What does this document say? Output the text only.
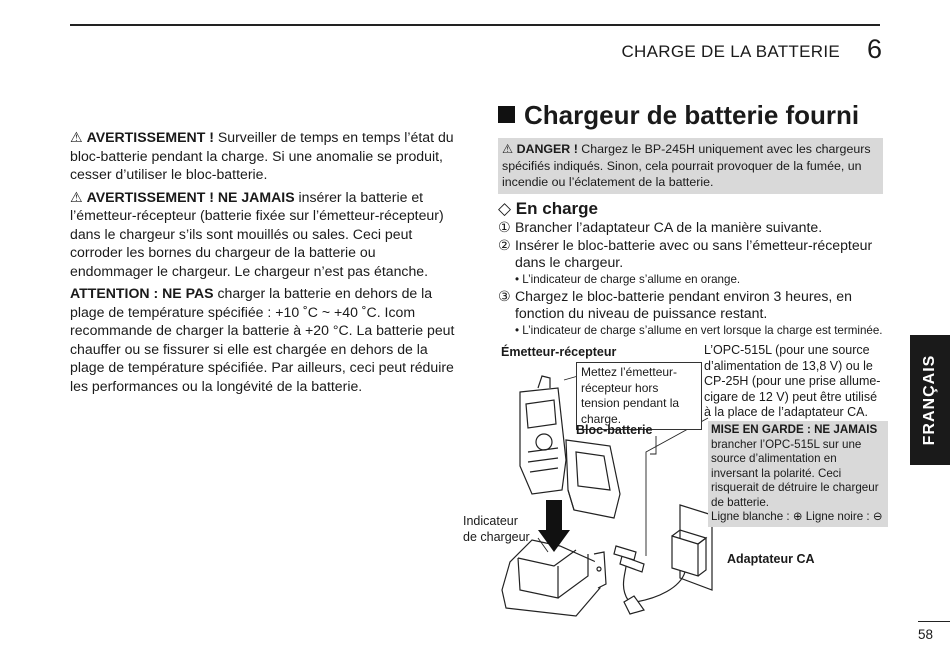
CHARGE DE LA BATTERIE 6

⚠ AVERTISSEMENT ! Surveiller de temps en temps l’état du bloc-batterie pendant la charge. Si une anomalie se produit, cesser d’utiliser le bloc-batterie.

⚠ AVERTISSEMENT ! NE JAMAIS insérer la batterie et l’émetteur-récepteur (batterie fixée sur l’émetteur-récepteur) dans le chargeur s’ils sont mouillés ou sales. Ceci peut corroder les bornes du chargeur de la batterie ou endommager le chargeur. Le chargeur n’est pas étanche.

ATTENTION : NE PAS charger la batterie en dehors de la plage de température spécifiée : +10 ˚C ~ +40 ˚C. Icom recommande de charger la batterie à +20 °C. La batterie peut chauffer ou se fissurer si elle est chargée en dehors de la plage de température spécifiée. Par ailleurs, ceci peut réduire les performances ou la longévité de la batterie.

Chargeur de batterie fourni
⚠ DANGER ! Chargez le BP-245H uniquement avec les chargeurs spécifiés indiqués. Sinon, cela pourrait provoquer de la fumée, un incendie ou l’éclatement de la batterie.
◇ En charge
① Brancher l’adaptateur CA de la manière suivante.
② Insérer le bloc-batterie avec ou sans l’émetteur-récepteur dans le chargeur.
• L’indicateur de charge s’allume en orange.
③ Chargez le bloc-batterie pendant environ 3 heures, en fonction du niveau de puissance restant.
• L’indicateur de charge s’allume en vert lorsque la charge est terminée.
Émetteur-récepteur
Mettez l’émetteur-récepteur hors tension pendant la charge.
Bloc-batterie
Indicateur
de chargeur
Adaptateur CA
L’OPC-515L (pour une source d’alimentation de 13,8 V) ou le CP-25H (pour une prise allume-cigare de 12 V) peut être utilisé à la place de l’adaptateur CA.
MISE EN GARDE : NE JAMAIS
brancher l’OPC-515L sur une source d’alimentation en inversant la polarité. Ceci risquerait de détruire le chargeur de batterie.
Ligne blanche : ⊕ Ligne noire : ⊖
FRANÇAIS
58
